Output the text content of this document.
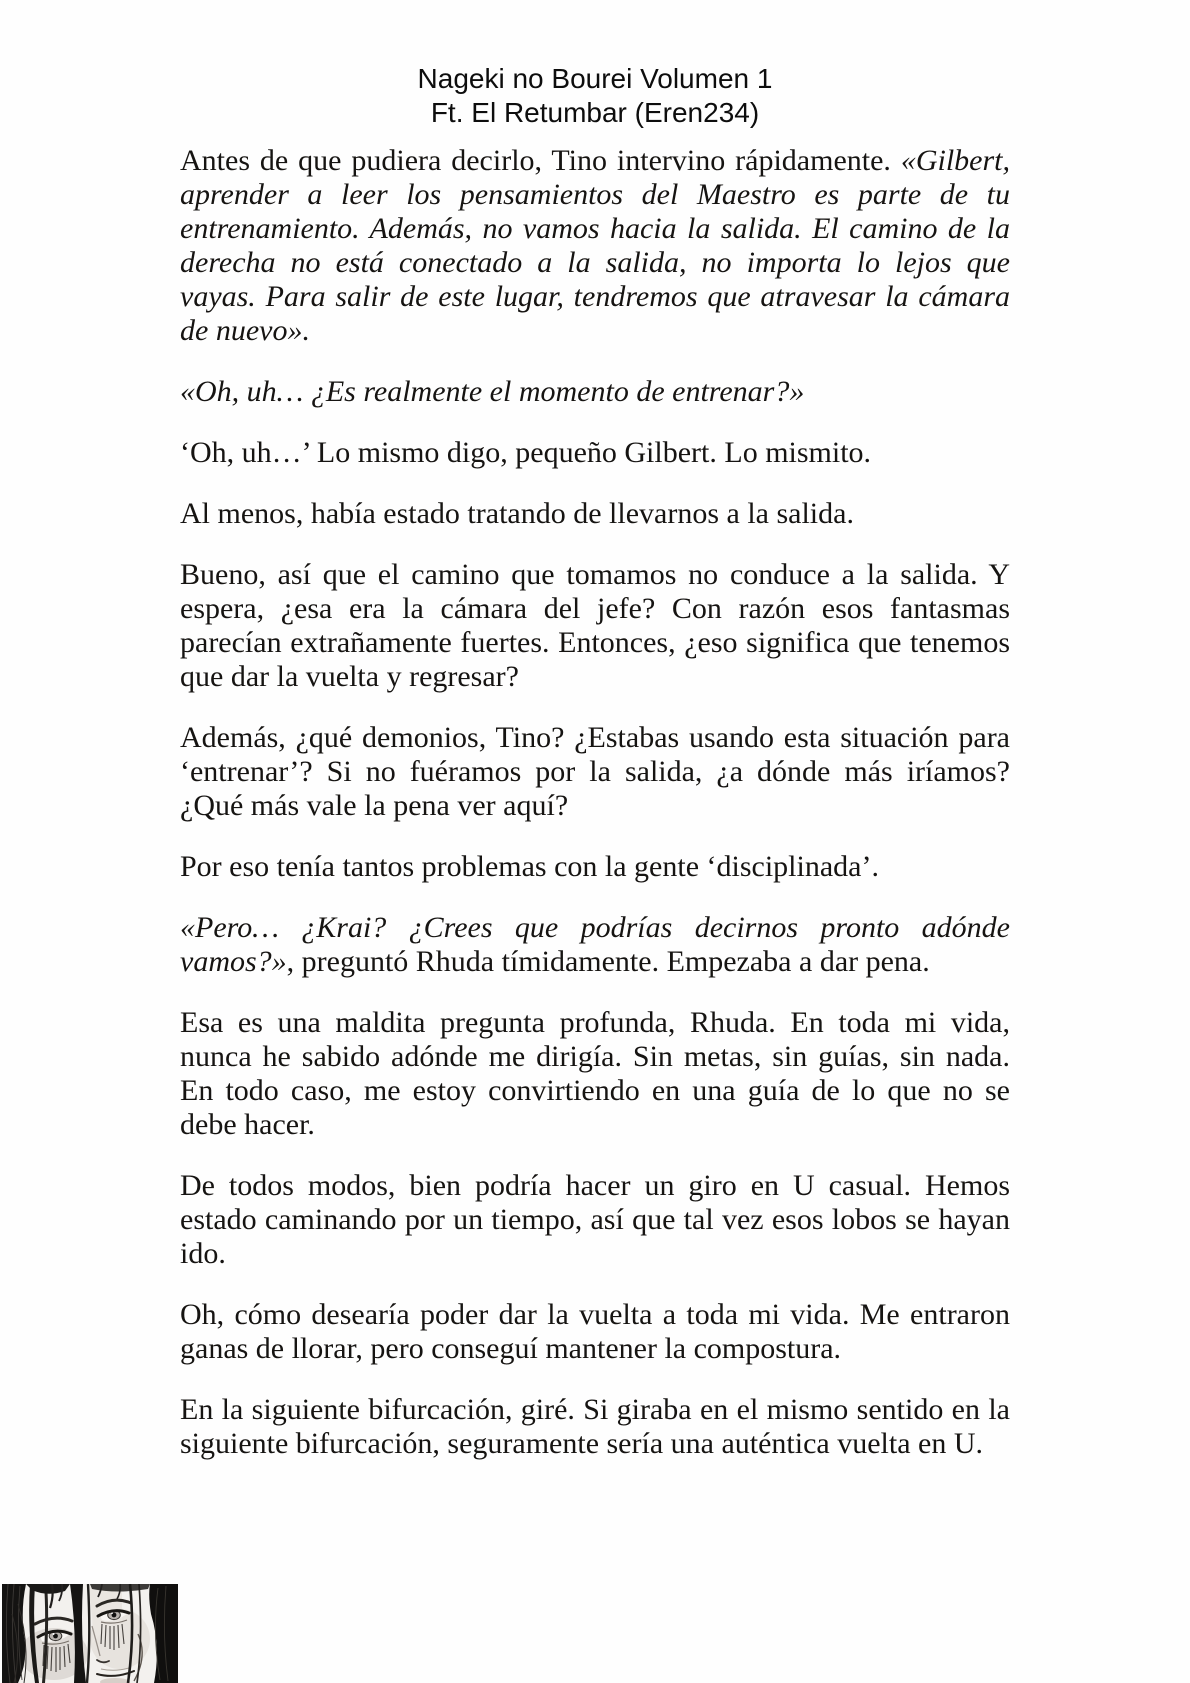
Nageki no Bourei Volumen 1
Ft. El Retumbar (Eren234)

Antes de que pudiera decirlo, Tino intervino rápidamente. «Gilbert, aprender a leer los pensamientos del Maestro es parte de tu entrenamiento. Además, no vamos hacia la salida. El camino de la derecha no está conectado a la salida, no importa lo lejos que vayas. Para salir de este lugar, tendremos que atravesar la cámara de nuevo».

«Oh, uh… ¿Es realmente el momento de entrenar?»

‘Oh, uh…’ Lo mismo digo, pequeño Gilbert. Lo mismito.

Al menos, había estado tratando de llevarnos a la salida.

Bueno, así que el camino que tomamos no conduce a la salida. Y espera, ¿esa era la cámara del jefe? Con razón esos fantasmas parecían extrañamente fuertes. Entonces, ¿eso significa que tenemos que dar la vuelta y regresar?

Además, ¿qué demonios, Tino? ¿Estabas usando esta situación para ‘entrenar’? Si no fuéramos por la salida, ¿a dónde más iríamos? ¿Qué más vale la pena ver aquí?

Por eso tenía tantos problemas con la gente ‘disciplinada’.

«Pero… ¿Krai? ¿Crees que podrías decirnos pronto adónde vamos?», preguntó Rhuda tímidamente. Empezaba a dar pena.

Esa es una maldita pregunta profunda, Rhuda. En toda mi vida, nunca he sabido adónde me dirigía. Sin metas, sin guías, sin nada. En todo caso, me estoy convirtiendo en una guía de lo que no se debe hacer.

De todos modos, bien podría hacer un giro en U casual. Hemos estado caminando por un tiempo, así que tal vez esos lobos se hayan ido.

Oh, cómo desearía poder dar la vuelta a toda mi vida. Me entraron ganas de llorar, pero conseguí mantener la compostura.

En la siguiente bifurcación, giré. Si giraba en el mismo sentido en la siguiente bifurcación, seguramente sería una auténtica vuelta en U.
